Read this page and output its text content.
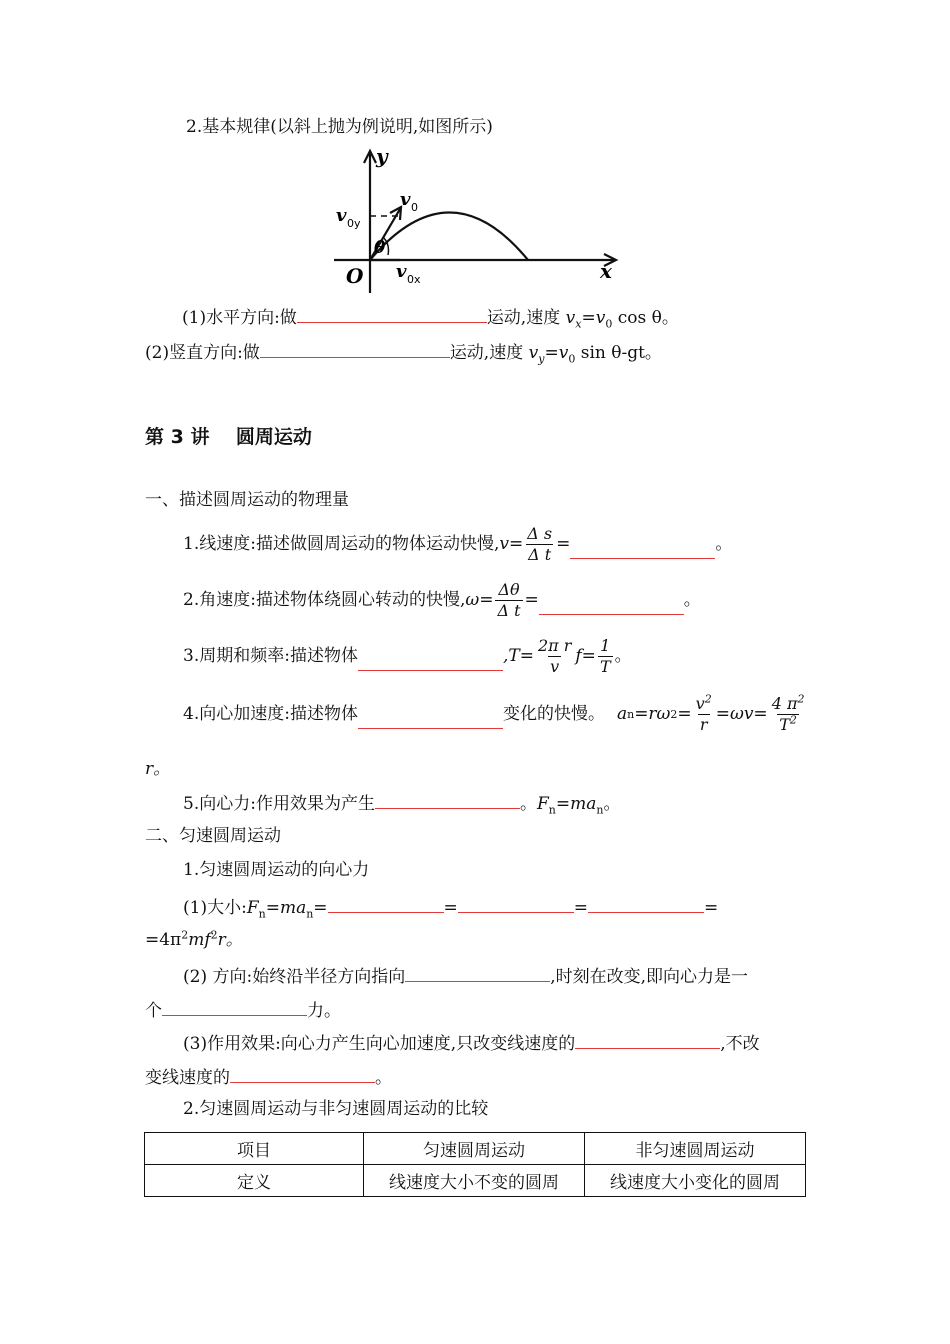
2.基本规律(以斜上抛为例说明,如图所示)
y
x
O
v 0
v 0y
v 0x
θ
(1)水平方向:做	运动,速度 $v_x=v_0$ cos θ。
(2)竖直方向:做	运动,速度 $v_y=v_0$ sin θ-gt。
第 3 讲    圆周运动
一、描述圆周运动的物理量
1.线速度:描述做圆周运动的物体运动快慢, $v= \frac{\text{Δ s}}{\text{Δ t}}$ =	。
2.角速度:描述物体绕圆心转动的快慢, $\omega= \frac{\Delta\theta}{\text{Δ t}}$ =	。
3.周期和频率:描述物体	$,T= \frac{\text{2π r}}{v} f= \frac{1}{T}$ 。
4.向心加速度:描述物体	变化的快慢。 a n =rω $2 = \frac{v^2}{r} =\omega v= \frac{4 \pi^2}{T^2}$
r。
5.向心力:作用效果为产生	。$F_n=ma_n$。
二、匀速圆周运动
1.匀速圆周运动的向心力
(1)大小$:F_n=ma_n=$	=	=	=
$=4\pi^2mf^2r$。
(2) 方向:始终沿半径方向指向	,时刻在改变,即向心力是一
个	力。
(3)作用效果:向心力产生向心加速度,只改变线速度的	,不改
变线速度的	。
2.匀速圆周运动与非匀速圆周运动的比较
项目	匀速圆周运动	非匀速圆周运动
定义	线速度大小不变的圆周	线速度大小变化的圆周
